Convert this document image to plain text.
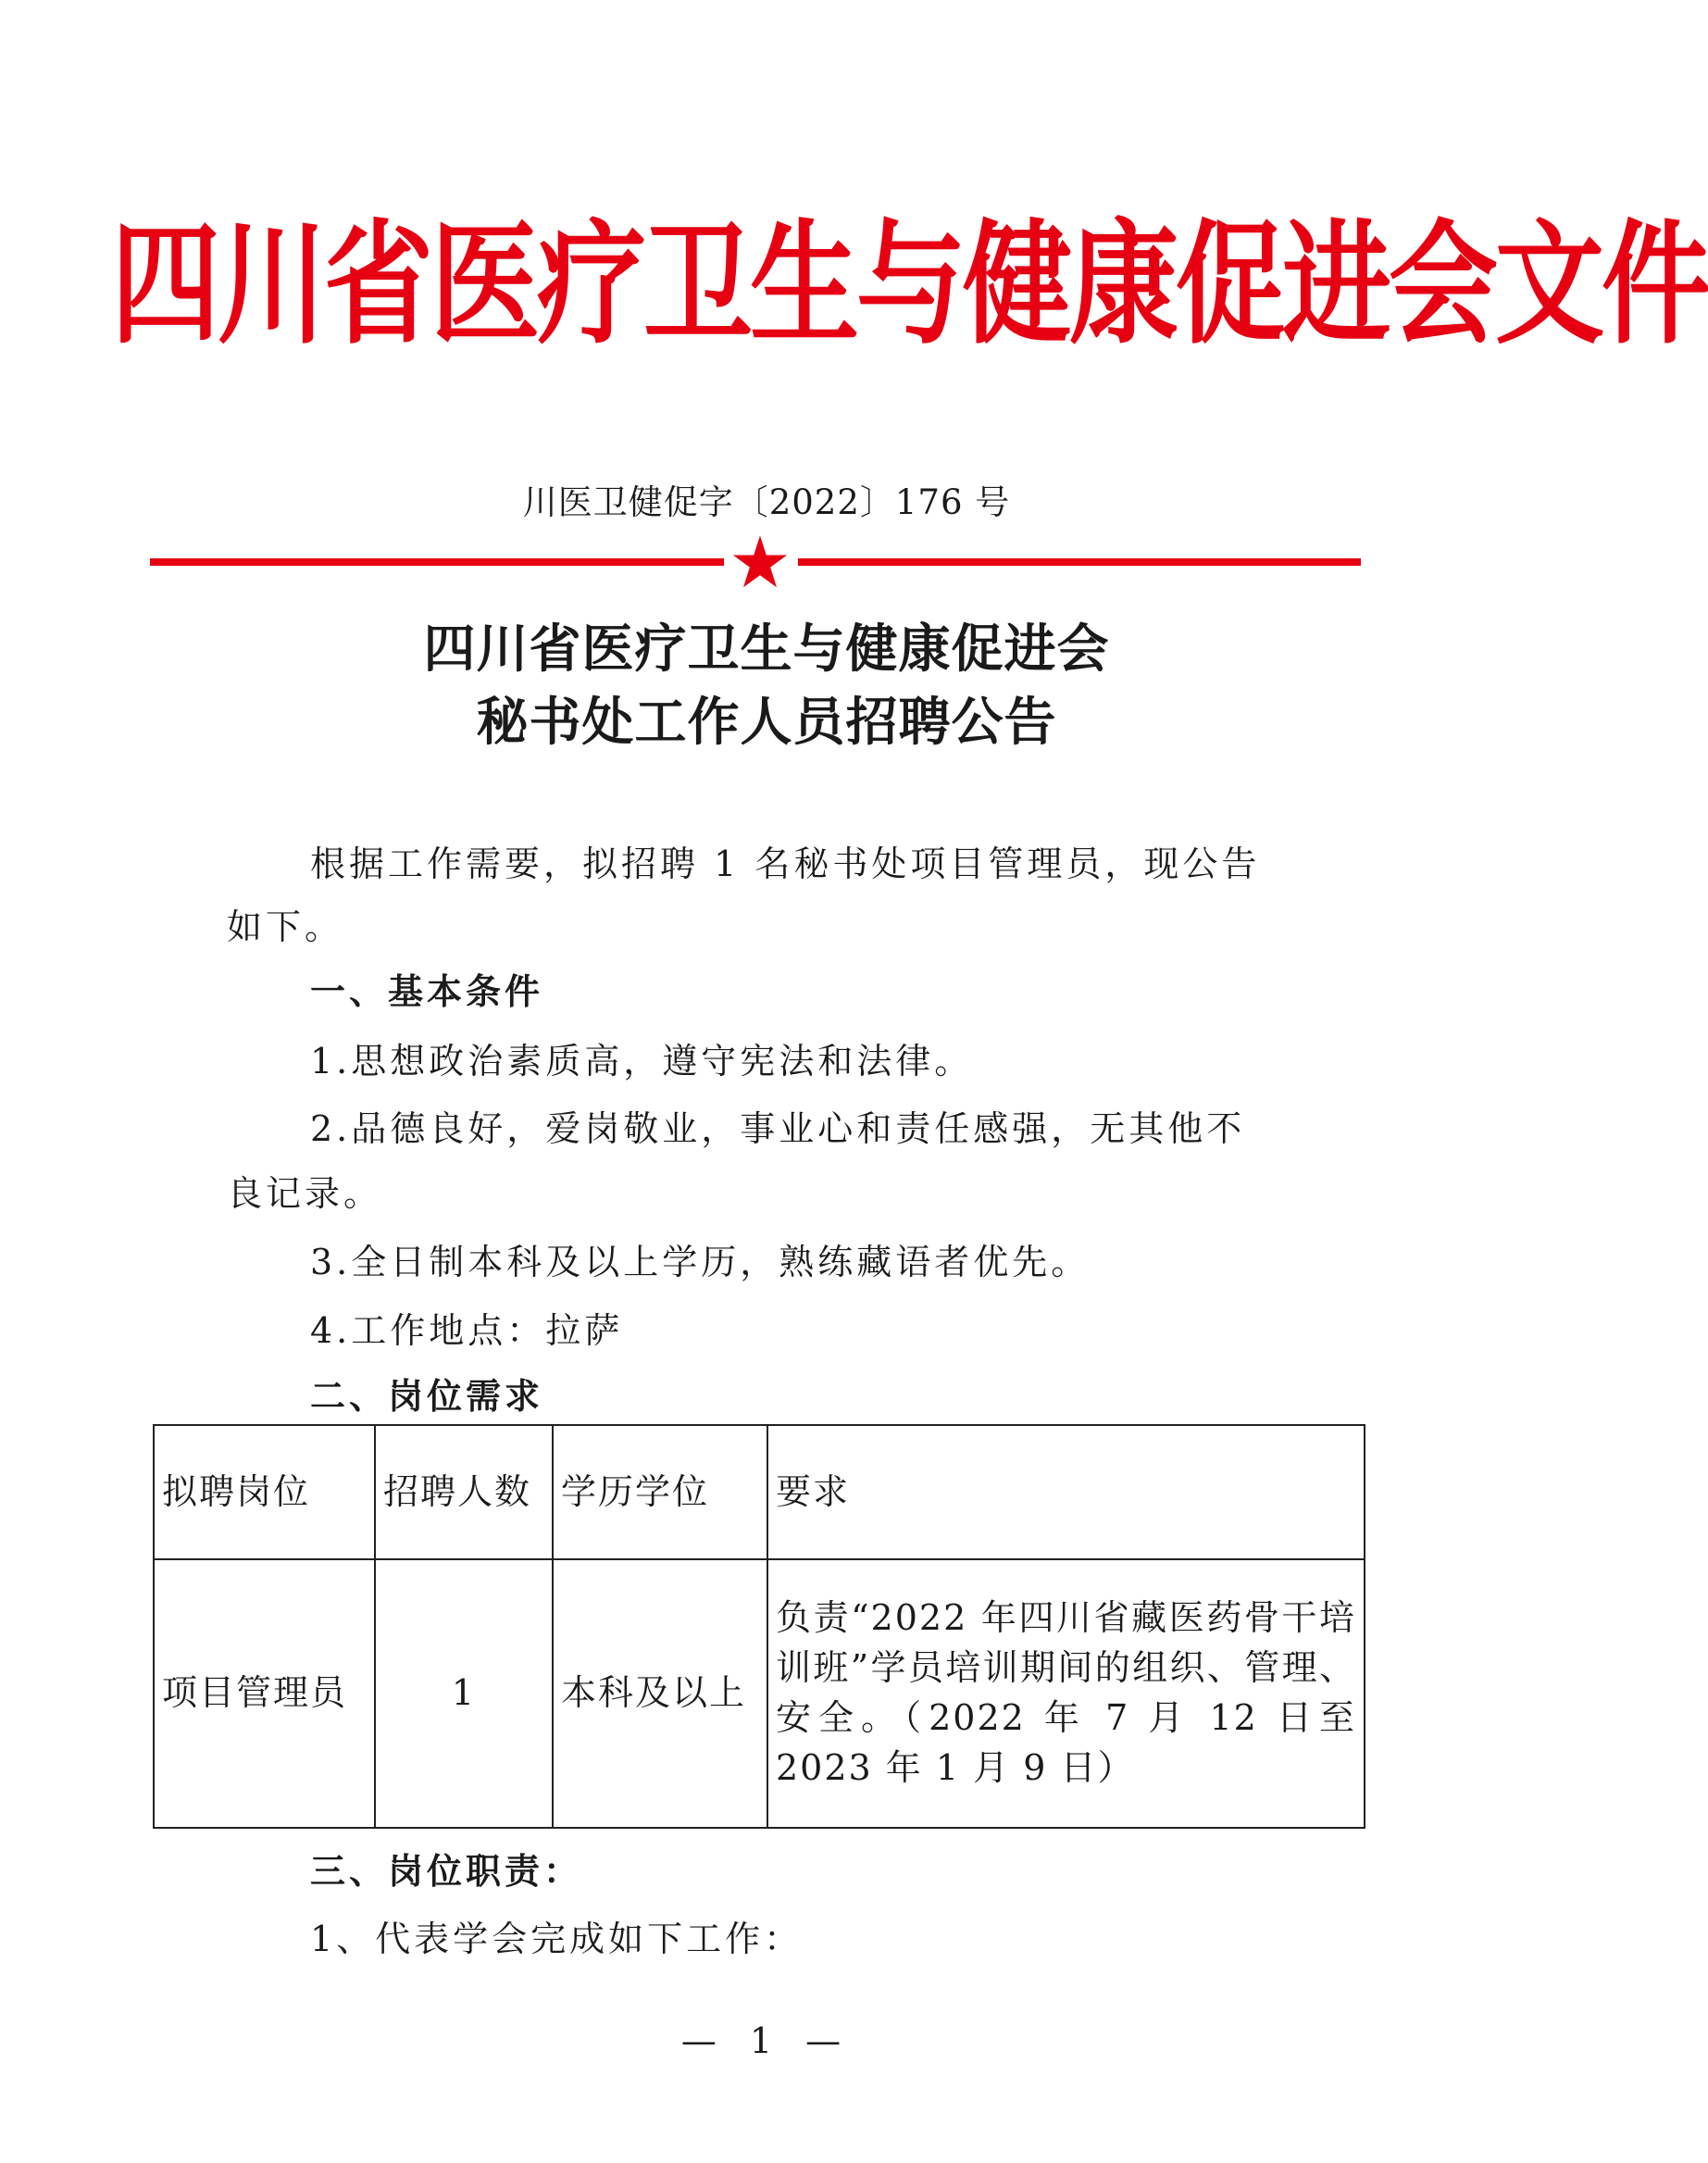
四川省医疗卫生与健康促进会文件
川医卫健促字〔2022〕176 号
四川省医疗卫生与健康促进会
秘书处工作人员招聘公告
根据工作需要，拟招聘 1 名秘书处项目管理员，现公告
如下。
一、基本条件
1.思想政治素质高，遵守宪法和法律。
2.品德良好，爱岗敬业，事业心和责任感强，无其他不
良记录。
3.全日制本科及以上学历，熟练藏语者优先。
4.工作地点：拉萨
二、岗位需求
拟聘岗位	招聘人数	学历学位	要求
项目管理员	1	本科及以上	负责“2022 年四川省藏医药骨干培训班”学员培训期间的组织、管理、安全。（2022 年 7 月 12 日至 2023 年 1 月 9 日）
三、岗位职责：
1、代表学会完成如下工作：
— 1 —
